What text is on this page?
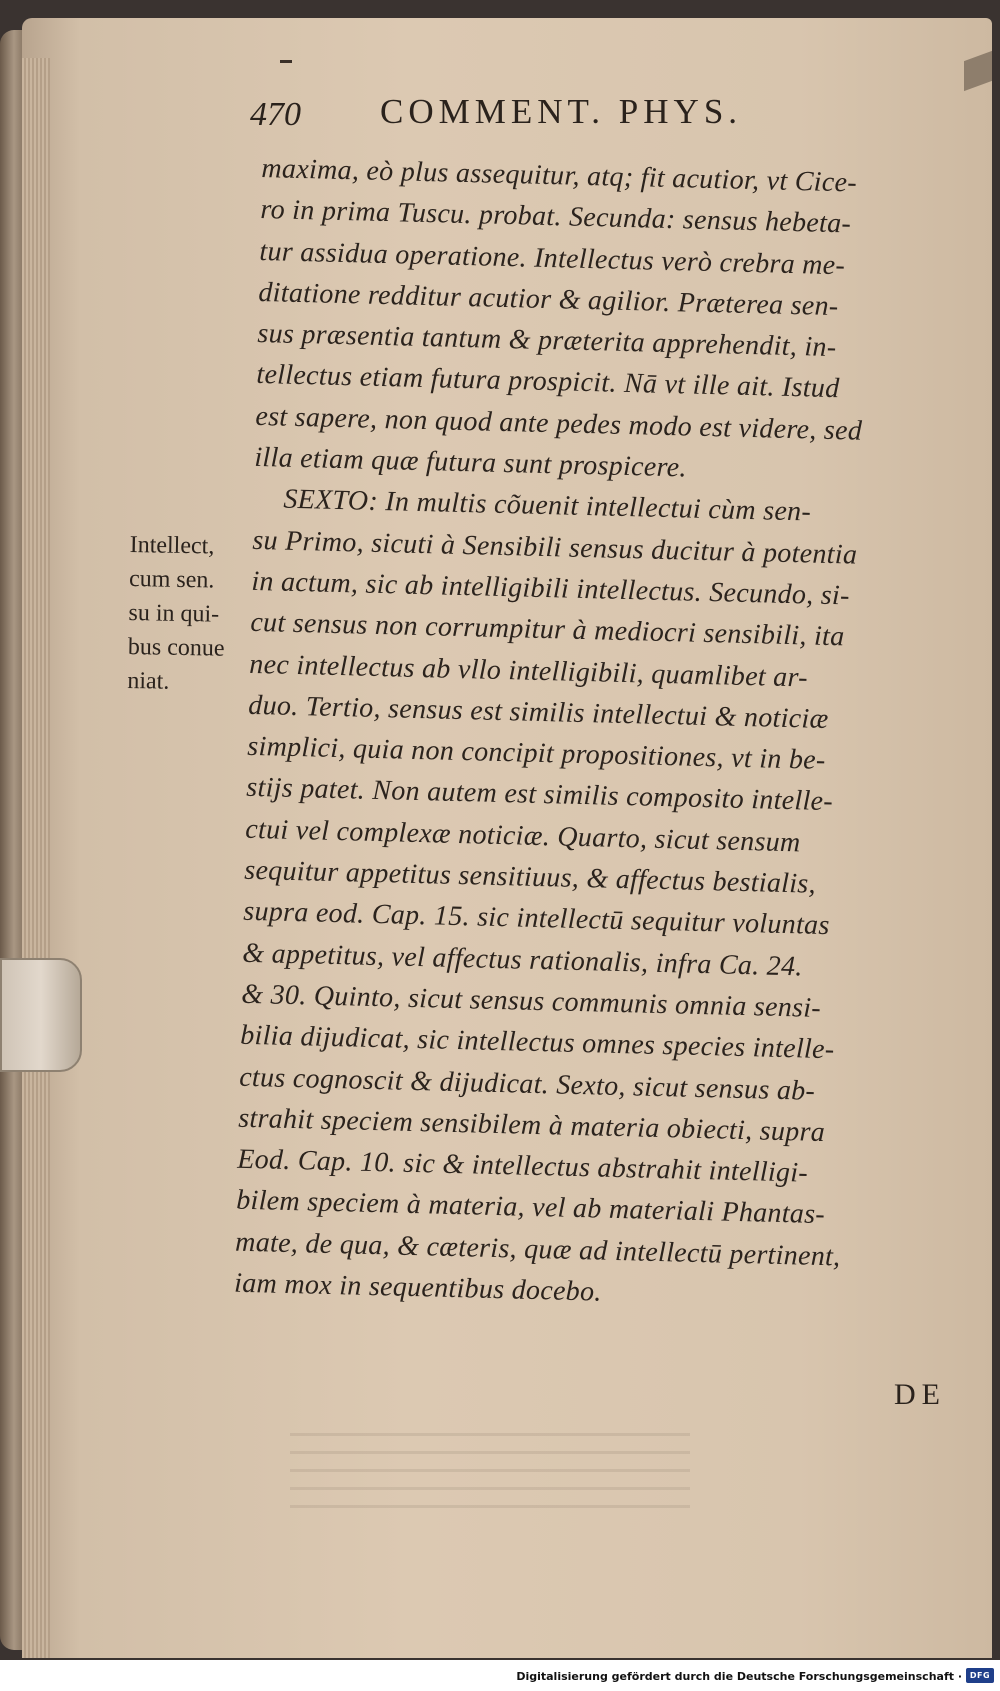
470 COMMENT. PHYS.
maxima, eò plus assequitur, atq; fit acutior, vt Cice-
ro in prima Tuscu. probat. Secunda: sensus hebeta-
tur assidua operatione. Intellectus verò crebra me-
ditatione redditur acutior & agilior. Præterea sen-
sus præsentia tantum & præterita apprehendit, in-
tellectus etiam futura prospicit. Nā vt ille ait. Istud
est sapere, non quod ante pedes modo est videre, sed
illa etiam quæ futura sunt prospicere.
SEXTO: In multis cõuenit intellectui cùm sen-
su Primo, sicuti à Sensibili sensus ducitur à potentia
in actum, sic ab intelligibili intellectus. Secundo, si-
cut sensus non corrumpitur à mediocri sensibili, ita
nec intellectus ab vllo intelligibili, quamlibet ar-
duo. Tertio, sensus est similis intellectui & noticiæ
simplici, quia non concipit propositiones, vt in be-
stijs patet. Non autem est similis composito intelle-
ctui vel complexæ noticiæ. Quarto, sicut sensum
sequitur appetitus sensitiuus, & affectus bestialis,
supra eod. Cap. 15. sic intellectū sequitur voluntas
& appetitus, vel affectus rationalis, infra Ca. 24.
& 30. Quinto, sicut sensus communis omnia sensi-
bilia dijudicat, sic intellectus omnes species intelle-
ctus cognoscit & dijudicat. Sexto, sicut sensus ab-
strahit speciem sensibilem à materia obiecti, supra
Eod. Cap. 10. sic & intellectus abstrahit intelligi-
bilem speciem à materia, vel ab materiali Phantas-
mate, de qua, & cæteris, quæ ad intellectū pertinent,
iam mox in sequentibus docebo.
Intellect,
cum sen.
su in qui-
bus conue
niat.
DE
Digitalisierung gefördert durch die Deutsche Forschungsgemeinschaft · DFG
